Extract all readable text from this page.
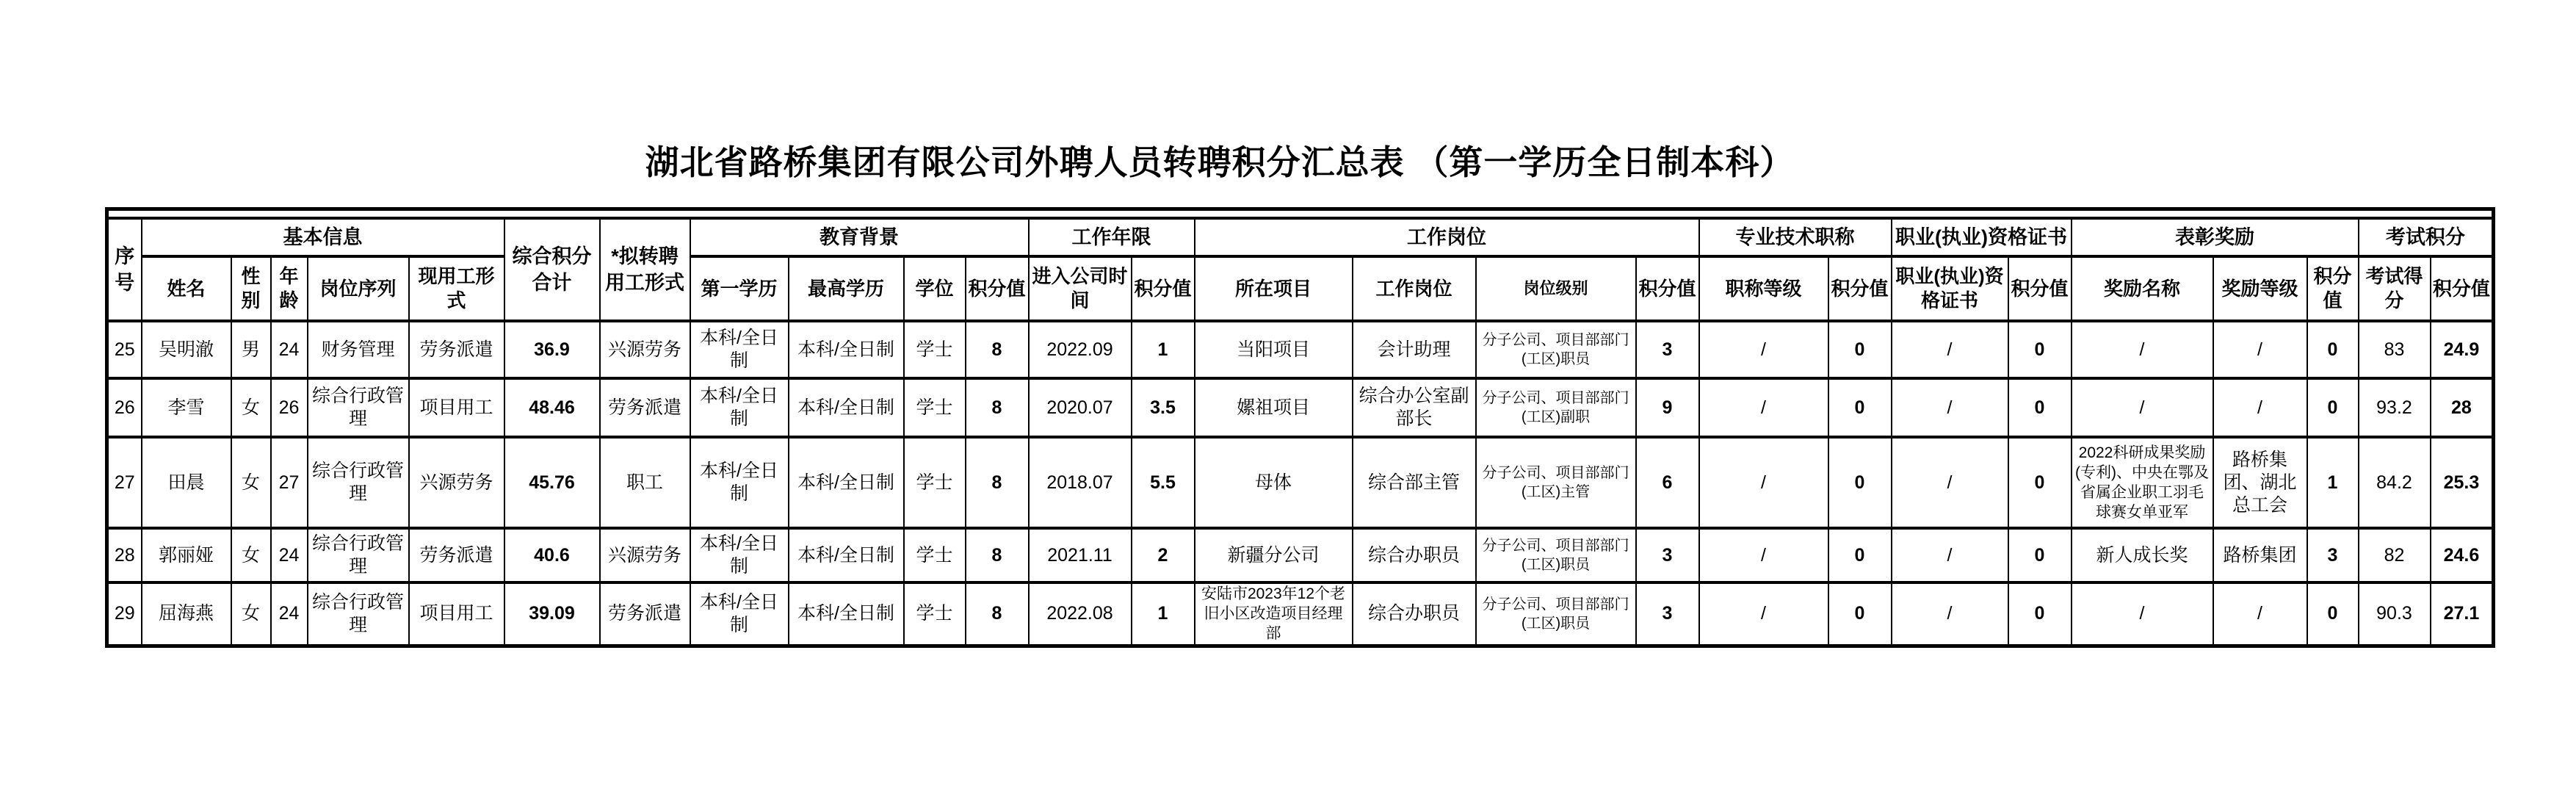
湖北省路桥集团有限公司外聘人员转聘积分汇总表 （第一学历全日制本科）

序号	基本信息					综合积分合计	*拟转聘用工形式	教育背景				工作年限		工作岗位				专业技术职称		职业(执业)资格证书		表彰奖励			考试积分	
	姓名	性别	年龄	岗位序列	现用工形式			第一学历	最高学历	学位	积分值	进入公司时间	积分值	所在项目	工作岗位	岗位级别	积分值	职称等级	积分值	职业(执业)资格证书	积分值	奖励名称	奖励等级	积分值	考试得分	积分值
25	吴明澈	男	24	财务管理	劳务派遣	36.9	兴源劳务	本科/全日制	本科/全日制	学士	8	2022.09	1	当阳项目	会计助理	分子公司、项目部部门(工区)职员	3	/	0	/	0	/	/	0	83	24.9
26	李雪	女	26	综合行政管理	项目用工	48.46	劳务派遣	本科/全日制	本科/全日制	学士	8	2020.07	3.5	嫘祖项目	综合办公室副部长	分子公司、项目部部门(工区)副职	9	/	0	/	0	/	/	0	93.2	28
27	田晨	女	27	综合行政管理	兴源劳务	45.76	职工	本科/全日制	本科/全日制	学士	8	2018.07	5.5	母体	综合部主管	分子公司、项目部部门(工区)主管	6	/	0	/	0	2022科研成果奖励(专利)、中央在鄂及省属企业职工羽毛球赛女单亚军	路桥集团、湖北总工会	1	84.2	25.3
28	郭丽娅	女	24	综合行政管理	劳务派遣	40.6	兴源劳务	本科/全日制	本科/全日制	学士	8	2021.11	2	新疆分公司	综合办职员	分子公司、项目部部门(工区)职员	3	/	0	/	0	新人成长奖	路桥集团	3	82	24.6
29	屈海燕	女	24	综合行政管理	项目用工	39.09	劳务派遣	本科/全日制	本科/全日制	学士	8	2022.08	1	安陆市2023年12个老旧小区改造项目经理部	综合办职员	分子公司、项目部部门(工区)职员	3	/	0	/	0	/	/	0	90.3	27.1
